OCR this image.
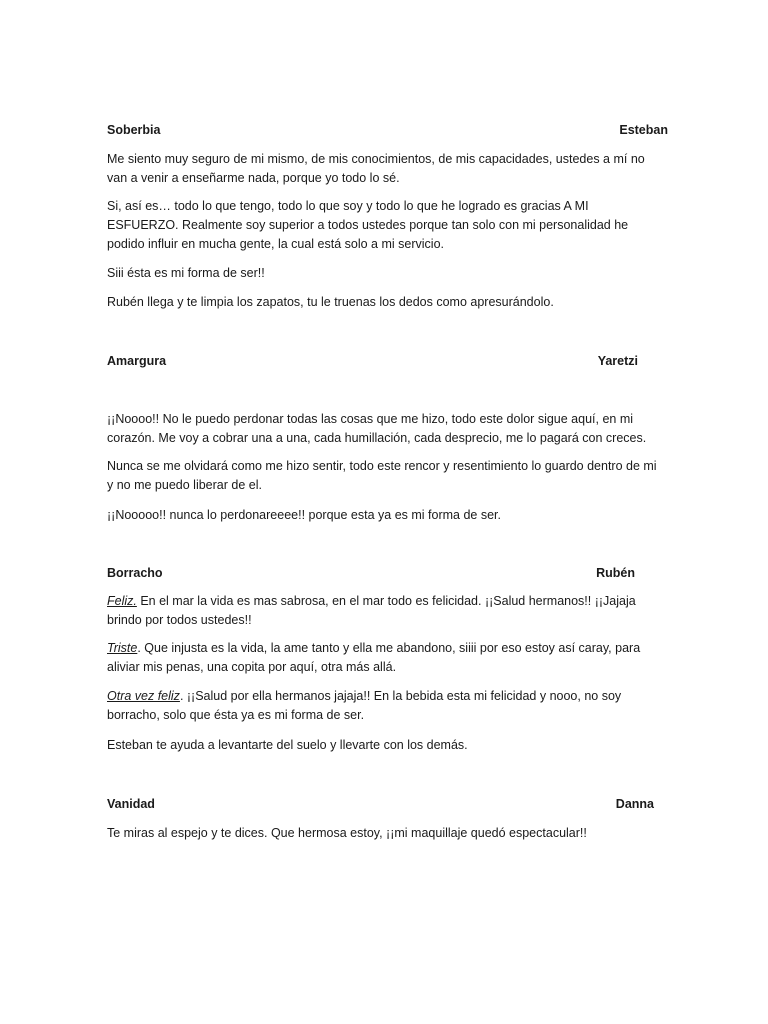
Soberbia	Esteban

Me siento muy seguro de mi mismo, de mis conocimientos, de mis capacidades, ustedes a mí no van a venir a enseñarme nada, porque yo todo lo sé.

Si, así es… todo lo que tengo, todo lo que soy y todo lo que he logrado es gracias A MI ESFUERZO. Realmente soy superior a todos ustedes porque tan solo con mi personalidad he podido influir en mucha gente, la cual está solo a mi servicio.

Siii ésta es mi forma de ser!!

Rubén llega y te limpia los zapatos, tu le truenas los dedos como apresurándolo.

Amargura	Yaretzi

¡¡Noooo!! No le puedo perdonar todas las cosas que me hizo, todo este dolor sigue aquí, en mi corazón. Me voy a cobrar una a una, cada humillación, cada desprecio, me lo pagará con creces.

Nunca se me olvidará como me hizo sentir, todo este rencor y resentimiento lo guardo dentro de mi y no me puedo liberar de el.

¡¡Nooooo!! nunca lo perdonareeee!! porque esta ya es mi forma de ser.

Borracho	Rubén

Feliz. En el mar la vida es mas sabrosa, en el mar todo es felicidad. ¡¡Salud hermanos!! ¡¡Jajaja brindo por todos ustedes!!

Triste. Que injusta es la vida, la ame tanto y ella me abandono, siiii por eso estoy así caray, para aliviar mis penas, una copita por aquí, otra más allá.

Otra vez feliz. ¡¡Salud por ella hermanos jajaja!! En la bebida esta mi felicidad y nooo, no soy borracho, solo que ésta ya es mi forma de ser.

Esteban te ayuda a levantarte del suelo y llevarte con los demás.

Vanidad	Danna

Te miras al espejo y te dices. Que hermosa estoy, ¡¡mi maquillaje quedó espectacular!!
